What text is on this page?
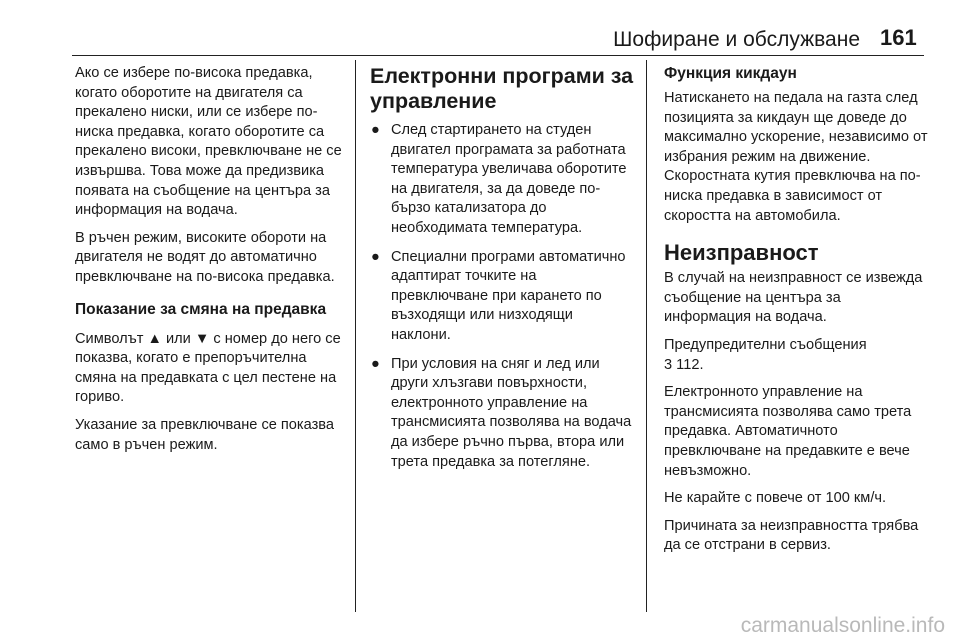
Шофиране и обслужване 161

Ако се избере по-висока предавка, когато оборотите на двигателя са прекалено ниски, или се избере по-ниска предавка, когато оборотите са прекалено високи, превключване не се извършва. Това може да предизвика появата на съобщение на центъра за информация на водача.

В ръчен режим, високите обороти на двигателя не водят до автоматично превключване на по-висока предавка.

Показание за смяна на предавка

Символът ▲ или ▼ с номер до него се показва, когато е препоръчителна смяна на предавката с цел пестене на гориво.

Указание за превключване се показва само в ръчен режим.

Електронни програми за управление
● След стартирането на студен двигател програмата за работната температура увеличава оборотите на двигателя, за да доведе по-бързо катализатора до необходимата температура.
● Специални програми автоматично адаптират точките на превключване при карането по възходящи или низходящи наклони.
● При условия на сняг и лед или други хлъзгави повърхности, електронното управление на трансмисията позволява на водача да избере ръчно първа, втора или трета предавка за потегляне.
Функция кикдаун

Натискането на педала на газта след позицията за кикдаун ще доведе до максимално ускорение, независимо от избрания режим на движение. Скоростната кутия превключва на по-ниска предавка в зависимост от скоростта на автомобила.

Неизправност

В случай на неизправност се извежда съобщение на центъра за информация на водача.

Предупредителни съобщения
3 112.

Електронното управление на трансмисията позволява само трета предавка. Автоматичното превключване на предавките е вече невъзможно.

Не карайте с повече от 100 км/ч.

Причината за неизправността трябва да се отстрани в сервиз.

carmanualsonline.info
